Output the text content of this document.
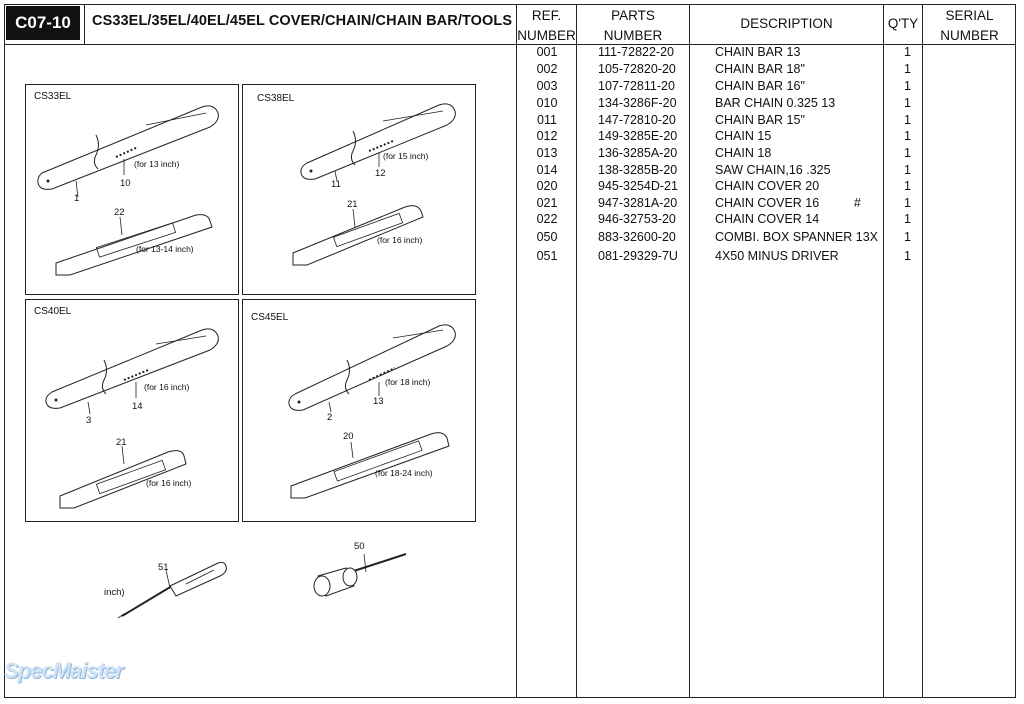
C07-10	CS33EL/35EL/40EL/45EL COVER/CHAIN/CHAIN BAR/TOOLS	REF.
NUMBER
PARTS
NUMBER
DESCRIPTION	Q'TY
SERIAL
NUMBER
001	111-72822-20	CHAIN BAR 13	1
002	105-72820-20	CHAIN BAR 18"	1
003	107-72811-20	CHAIN BAR 16"	1
010	134-3286F-20	BAR CHAIN 0.325 13	1
011	147-72810-20	CHAIN BAR 15"	1
012	149-3285E-20	CHAIN 15	1
013	136-3285A-20	CHAIN 18	1
014	138-3285B-20	SAW CHAIN,16 .325	1
020	945-3254D-21	CHAIN COVER 20	1
021	947-3281A-20	CHAIN COVER 16          #	1
022	946-32753-20	CHAIN COVER 14	1
050	883-32600-20	COMBI. BOX SPANNER 13X	1
051	081-29329-7U	4X50 MINUS DRIVER	1
CS33EL
1
10
(for 13 inch)
22
(for 13-14 inch)
CS38EL
11
12
(for 15 inch)
21
(for 16 inch)
CS40EL
3
14
(for 16 inch)
21
(for 16 inch)
CS45EL
2
13
(for 18 inch)
20
(for 18-24 inch)
51
inch)
50
SpecMaister
